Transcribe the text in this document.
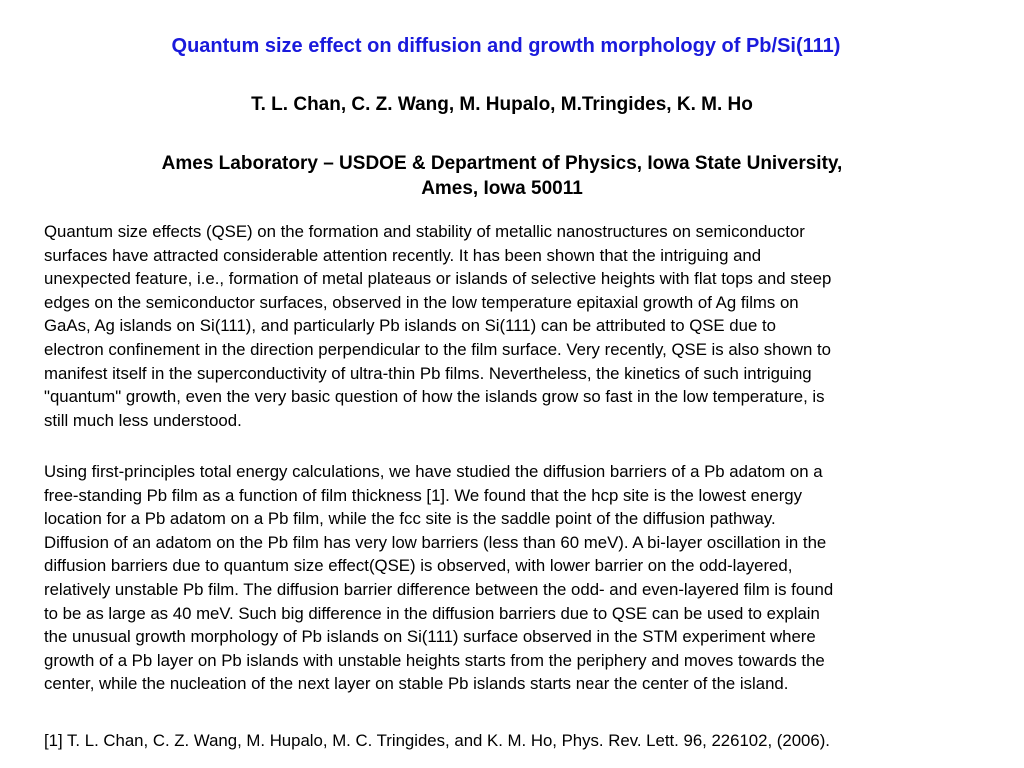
Quantum size effect on diffusion and growth morphology of Pb/Si(111)
T. L. Chan, C. Z. Wang, M. Hupalo, M.Tringides, K. M. Ho
Ames Laboratory – USDOE & Department of Physics, Iowa State University,
Ames, Iowa 50011
Quantum size effects (QSE) on the formation and stability of metallic nanostructures on semiconductor
surfaces have attracted considerable attention recently. It has been shown that the intriguing and
unexpected feature, i.e., formation of metal plateaus or islands of selective heights with flat tops and steep
edges on the semiconductor surfaces, observed in the low temperature epitaxial growth of Ag films on
GaAs, Ag islands on Si(111), and particularly Pb islands on Si(111) can be attributed to QSE due to
electron confinement in the direction perpendicular to the film surface. Very recently, QSE is also shown to
manifest itself in the superconductivity of ultra-thin Pb films. Nevertheless, the kinetics of such intriguing
"quantum" growth, even the very basic question of how the islands grow so fast in the low temperature, is
still much less understood.
Using first-principles total energy calculations, we have studied the diffusion barriers of a Pb adatom on a
free-standing Pb film as a function of film thickness [1]. We found that the hcp site is the lowest energy
location for a Pb adatom on a Pb film, while the fcc site is the saddle point of the diffusion pathway.
Diffusion of an adatom on the Pb film has very low barriers (less than 60 meV). A bi-layer oscillation in the
diffusion barriers due to quantum size effect(QSE) is observed, with lower barrier on the odd-layered,
relatively unstable Pb film. The diffusion barrier difference between the odd- and even-layered film is found
to be as large as 40 meV. Such big difference in the diffusion barriers due to QSE can be used to explain
the unusual growth morphology of Pb islands on Si(111) surface observed in the STM experiment where
growth of a Pb layer on Pb islands with unstable heights starts from the periphery and moves towards the
center, while the nucleation of the next layer on stable Pb islands starts near the center of the island.
[1] T. L. Chan, C. Z. Wang, M. Hupalo, M. C. Tringides, and K. M. Ho, Phys. Rev. Lett. 96, 226102, (2006).
